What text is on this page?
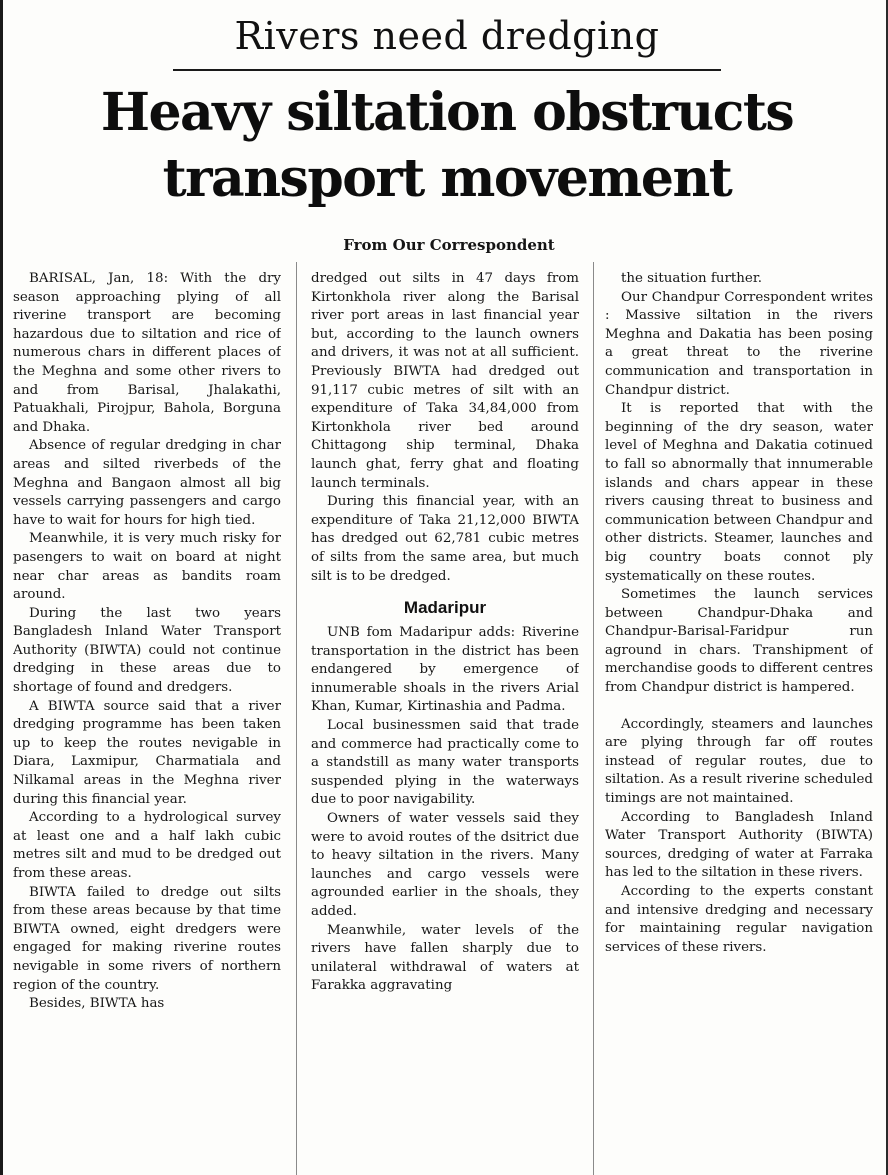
Rivers need dredging
Heavy siltation obstructs transport movement
From Our Correspondent

BARISAL, Jan, 18: With the dry season approaching plying of all riverine transport are becoming hazardous due to siltation and rice of numerous chars in different places of the Meghna and some other rivers to and from Barisal, Jhalakathi, Patuakhali, Pirojpur, Bahola, Borguna and Dhaka.

Absence of regular dredging in char areas and silted riverbeds of the Meghna and Bangaon almost all big vessels carrying passengers and cargo have to wait for hours for high tied.

Meanwhile, it is very much risky for pasengers to wait on board at night near char areas as bandits roam around.

During the last two years Bangladesh Inland Water Transport Authority (BIWTA) could not continue dredging in these areas due to shortage of found and dredgers.

A BIWTA source said that a river dredging programme has been taken up to keep the routes nevigable in Diara, Laxmipur, Charmatiala and Nilkamal areas in the Meghna river during this financial year.

According to a hydrological survey at least one and a half lakh cubic metres silt and mud to be dredged out from these areas.

BIWTA failed to dredge out silts from these areas because by that time BIWTA owned, eight dredgers were engaged for making riverine routes nevigable in some rivers of northern region of the country.

Besides, BIWTA has

dredged out silts in 47 days from Kirtonkhola river along the Barisal river port areas in last financial year but, according to the launch owners and drivers, it was not at all sufficient. Previously BIWTA had dredged out 91,117 cubic metres of silt with an expenditure of Taka 34,84,000 from Kirtonkhola river bed around Chittagong ship terminal, Dhaka launch ghat, ferry ghat and floating launch terminals.

During this financial year, with an expenditure of Taka 21,12,000 BIWTA has dredged out 62,781 cubic metres of silts from the same area, but much silt is to be dredged.

Madaripur

UNB fom Madaripur adds: Riverine transportation in the district has been endangered by emergence of innumerable shoals in the rivers Arial Khan, Kumar, Kirtinashia and Padma.

Local businessmen said that trade and commerce had practically come to a standstill as many water transports suspended plying in the waterways due to poor navigability.

Owners of water vessels said they were to avoid routes of the dsitrict due to heavy siltation in the rivers. Many launches and cargo vessels were agrounded earlier in the shoals, they added.

Meanwhile, water levels of the rivers have fallen sharply due to unilateral withdrawal of waters at Farakka aggravating

the situation further.

Our Chandpur Correspondent writes : Massive siltation in the rivers Meghna and Dakatia has been posing a great threat to the riverine communication and transportation in Chandpur district.

It is reported that with the beginning of the dry season, water level of Meghna and Dakatia cotinued to fall so abnormally that innumerable islands and chars appear in these rivers causing threat to business and communication between Chandpur and other districts. Steamer, launches and big country boats connot ply systematically on these routes.

Sometimes the launch services between Chandpur-Dhaka and Chandpur-Barisal-Faridpur run aground in chars. Transhipment of merchandise goods to different centres from Chandpur district is hampered.

Accordingly, steamers and launches are plying through far off routes instead of regular routes, due to siltation. As a result riverine scheduled timings are not maintained.

According to Bangladesh Inland Water Transport Authority (BIWTA) sources, dredging of water at Farraka has led to the siltation in these rivers.

According to the experts constant and intensive dredging and necessary for maintaining regular navigation services of these rivers.
